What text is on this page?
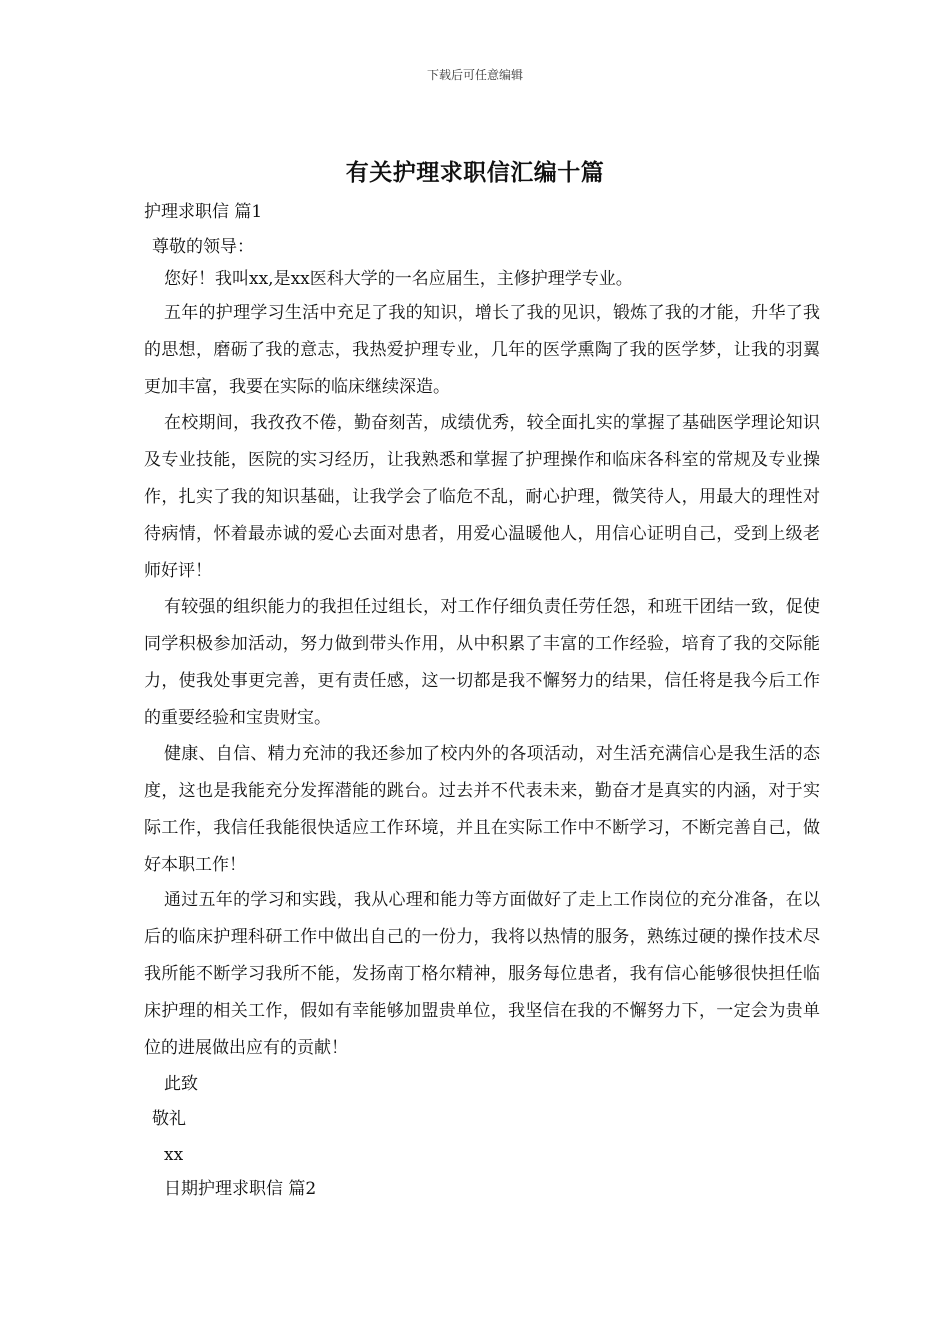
下载后可任意编辑
有关护理求职信汇编十篇
护理求职信 篇1
尊敬的领导：
您好！我叫xx,是xx医科大学的一名应届生，主修护理学专业。

五年的护理学习生活中充足了我的知识，增长了我的见识，锻炼了我的才能，升华了我的思想，磨砺了我的意志，我热爱护理专业，几年的医学熏陶了我的医学梦，让我的羽翼更加丰富，我要在实际的临床继续深造。

在校期间，我孜孜不倦，勤奋刻苦，成绩优秀，较全面扎实的掌握了基础医学理论知识及专业技能，医院的实习经历，让我熟悉和掌握了护理操作和临床各科室的常规及专业操作，扎实了我的知识基础，让我学会了临危不乱，耐心护理，微笑待人，用最大的理性对待病情，怀着最赤诚的爱心去面对患者，用爱心温暖他人，用信心证明自己，受到上级老师好评！

有较强的组织能力的我担任过组长，对工作仔细负责任劳任怨，和班干团结一致，促使同学积极参加活动，努力做到带头作用，从中积累了丰富的工作经验，培育了我的交际能力，使我处事更完善，更有责任感，这一切都是我不懈努力的结果，信任将是我今后工作的重要经验和宝贵财宝。

健康、自信、精力充沛的我还参加了校内外的各项活动，对生活充满信心是我生活的态度，这也是我能充分发挥潜能的跳台。过去并不代表未来，勤奋才是真实的内涵，对于实际工作，我信任我能很快适应工作环境，并且在实际工作中不断学习，不断完善自己，做好本职工作！

通过五年的学习和实践，我从心理和能力等方面做好了走上工作岗位的充分准备，在以后的临床护理科研工作中做出自己的一份力，我将以热情的服务，熟练过硬的操作技术尽我所能不断学习我所不能，发扬南丁格尔精神，服务每位患者，我有信心能够很快担任临床护理的相关工作，假如有幸能够加盟贵单位，我坚信在我的不懈努力下，一定会为贵单位的进展做出应有的贡献！

此致
敬礼
xx
日期护理求职信 篇2
